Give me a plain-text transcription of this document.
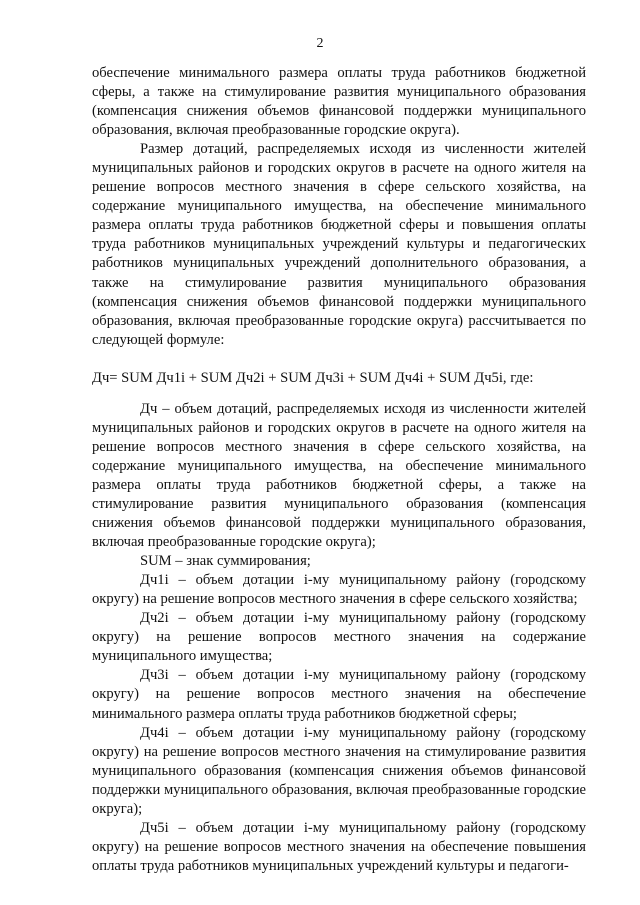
2

обеспечение минимального размера оплаты труда работников бюджетной сферы, а также на стимулирование развития муниципального образования (компенсация снижения объемов финансовой поддержки муниципального образования, включая преобразованные городские округа).

Размер дотаций, распределяемых исходя из численности жителей муниципальных районов и городских округов в расчете на одного жителя на решение вопросов местного значения в сфере сельского хозяйства, на содержание муниципального имущества, на обеспечение минимального размера оплаты труда работников бюджетной сферы и повышения оплаты труда работников муниципальных учреждений культуры и педагогических работников муниципальных учреждений дополнительного образования, а также на стимулирование развития муниципального образования (компенсация снижения объемов финансовой поддержки муниципального образования, включая преобразованные городские округа) рассчитывается по следующей формуле:

Дч= SUM Дч1i + SUM Дч2i + SUM Дч3i + SUM Дч4i + SUM Дч5i, где:

Дч – объем дотаций, распределяемых исходя из численности жителей муниципальных районов и городских округов в расчете на одного жителя на решение вопросов местного значения в сфере сельского хозяйства, на содержание муниципального имущества, на обеспечение минимального размера оплаты труда работников бюджетной сферы, а также на стимулирование развития муниципального образования (компенсация снижения объемов финансовой поддержки муниципального образования, включая преобразованные городские округа);

SUM – знак суммирования;

Дч1i – объем дотации i-му муниципальному району (городскому округу) на решение вопросов местного значения в сфере сельского хозяйства;

Дч2i – объем дотации i-му муниципальному району (городскому округу) на решение вопросов местного значения на содержание муниципального имущества;

Дч3i – объем дотации i-му муниципальному району (городскому округу) на решение вопросов местного значения на обеспечение минимального размера оплаты труда работников бюджетной сферы;

Дч4i – объем дотации i-му муниципальному району (городскому округу) на решение вопросов местного значения на стимулирование развития муниципального образования (компенсация снижения объемов финансовой поддержки муниципального образования, включая преобразованные городские округа);

Дч5i – объем дотации i-му муниципальному району (городскому округу) на решение вопросов местного значения на обеспечение повышения оплаты труда работников муниципальных учреждений культуры и педагоги-
